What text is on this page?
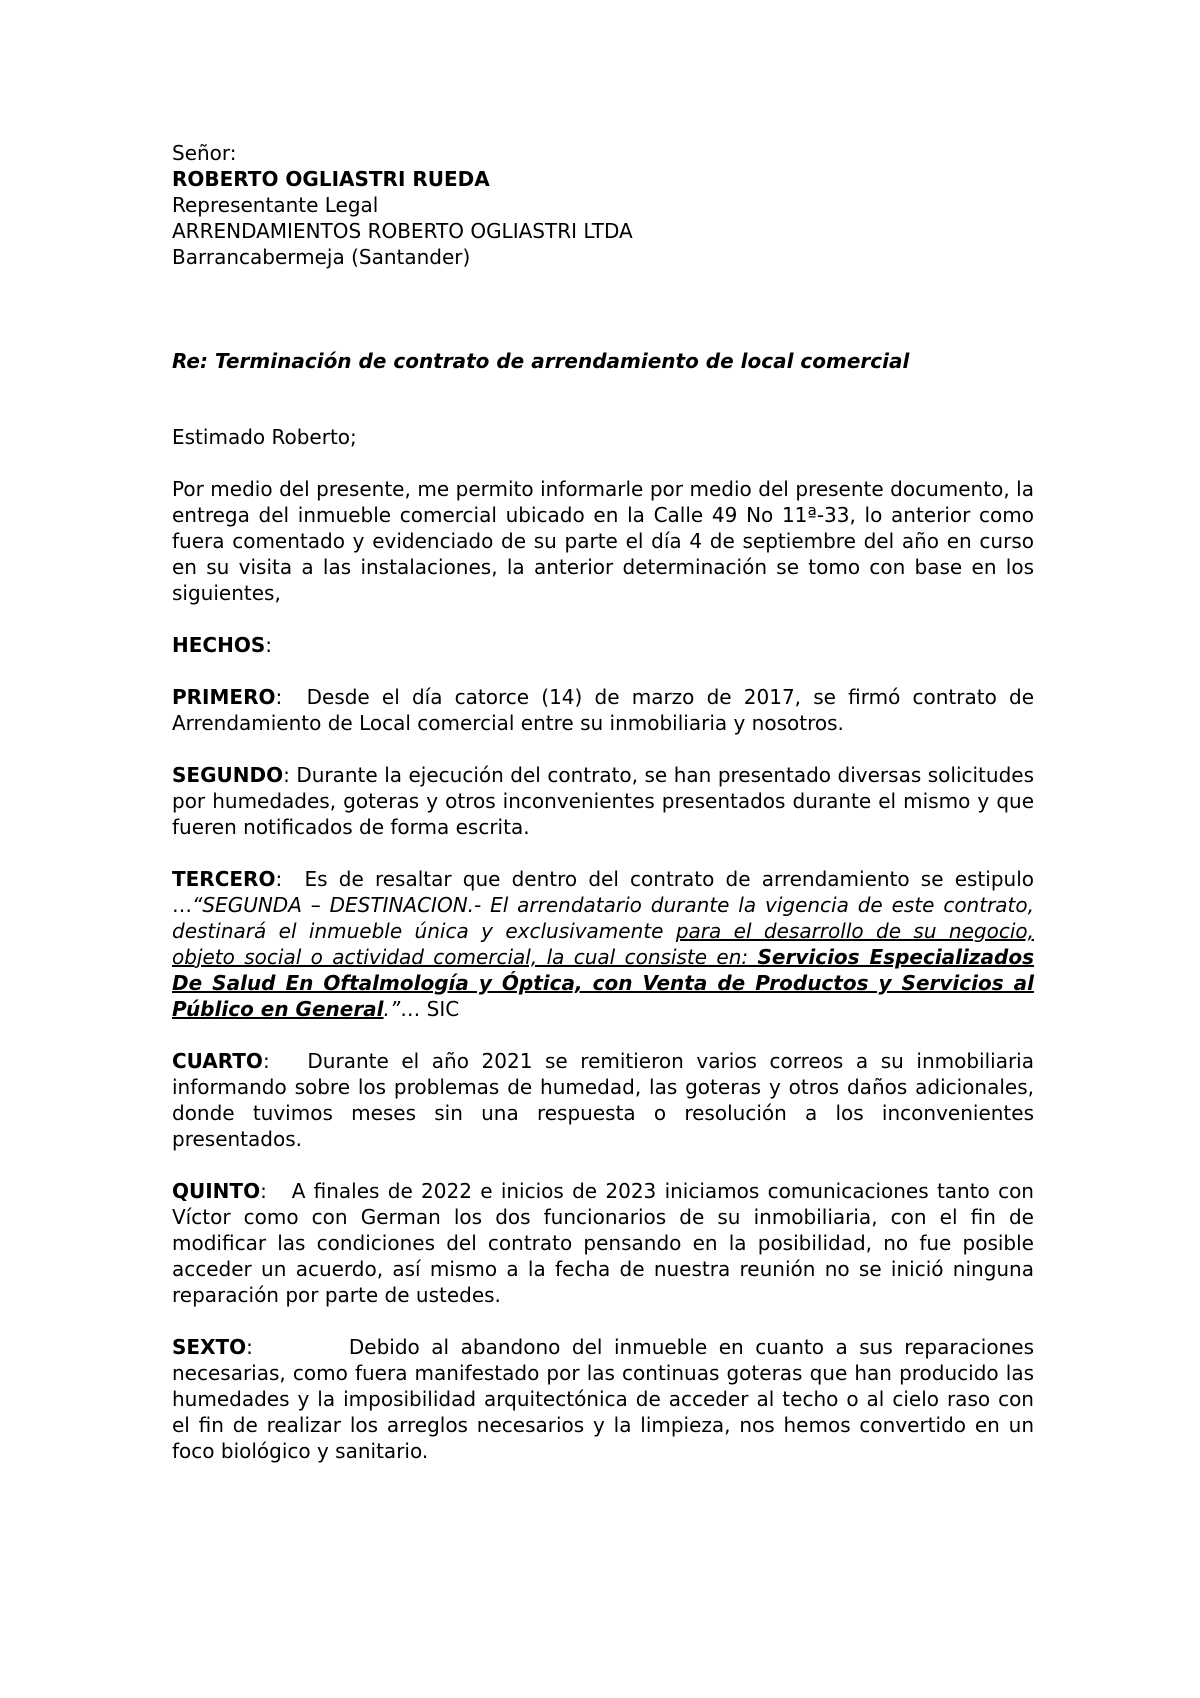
Señor:
ROBERTO OGLIASTRI RUEDA
Representante Legal
ARRENDAMIENTOS ROBERTO OGLIASTRI LTDA
Barrancabermeja (Santander)
Re: Terminación de contrato de arrendamiento de local comercial
Estimado Roberto;
Por medio del presente, me permito informarle por medio del presente documento, la entrega del inmueble comercial ubicado en la Calle 49 No 11ª-33, lo anterior como fuera comentado y evidenciado de su parte el día 4 de septiembre del año en curso en su visita a las instalaciones, la anterior determinación se tomo con base en los siguientes,
HECHOS:
PRIMERO: Desde el día catorce (14) de marzo de 2017, se firmó contrato de Arrendamiento de Local comercial entre su inmobiliaria y nosotros.
SEGUNDO: Durante la ejecución del contrato, se han presentado diversas solicitudes por humedades, goteras y otros inconvenientes presentados durante el mismo y que fueren notificados de forma escrita.
TERCERO: Es de resaltar que dentro del contrato de arrendamiento se estipulo …“SEGUNDA – DESTINACION.- El arrendatario durante la vigencia de este contrato, destinará el inmueble única y exclusivamente para el desarrollo de su negocio, objeto social o actividad comercial, la cual consiste en: Servicios Especializados De Salud En Oftalmología y Óptica, con Venta de Productos y Servicios al Público en General.”… SIC
CUARTO: Durante el año 2021 se remitieron varios correos a su inmobiliaria informando sobre los problemas de humedad, las goteras y otros daños adicionales, donde tuvimos meses sin una respuesta o resolución a los inconvenientes presentados.
QUINTO: A finales de 2022 e inicios de 2023 iniciamos comunicaciones tanto con Víctor como con German los dos funcionarios de su inmobiliaria, con el fin de modificar las condiciones del contrato pensando en la posibilidad, no fue posible acceder un acuerdo, así mismo a la fecha de nuestra reunión no se inició ninguna reparación por parte de ustedes.
SEXTO:	Debido al abandono del inmueble en cuanto a sus reparaciones necesarias, como fuera manifestado por las continuas goteras que han producido las humedades y la imposibilidad arquitectónica de acceder al techo o al cielo raso con el fin de realizar los arreglos necesarios y la limpieza, nos hemos convertido en un foco biológico y sanitario.
